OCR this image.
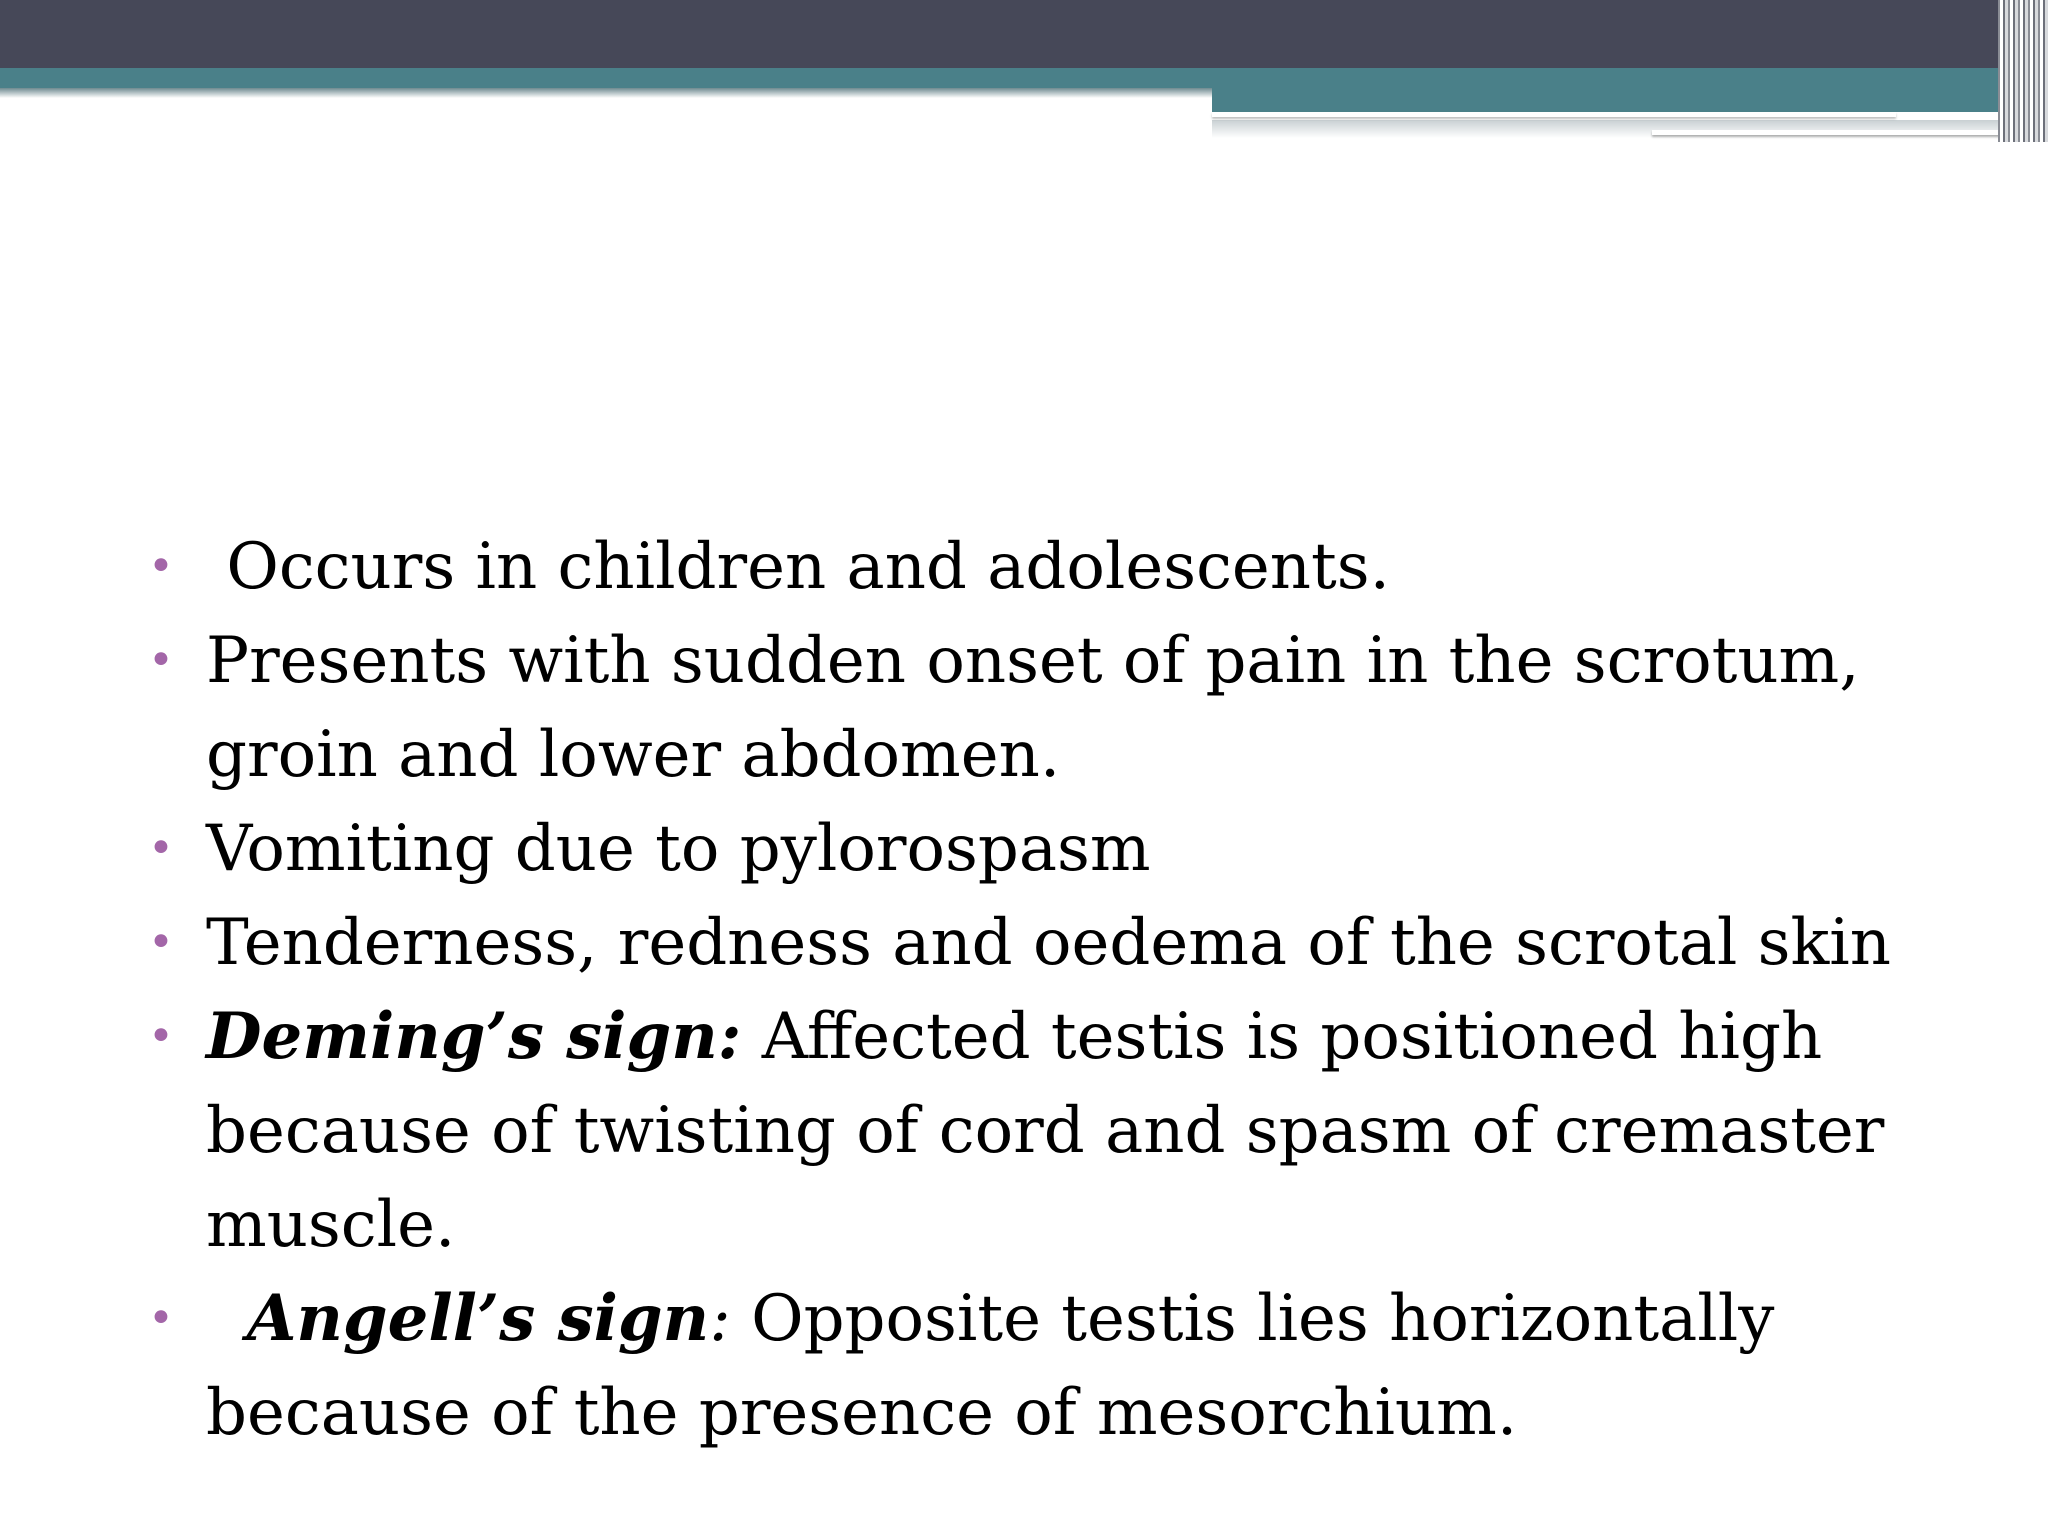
• Occurs in children and adolescents.
• Presents with sudden onset of pain in the scrotum, groin and lower abdomen.
• Vomiting due to pylorospasm
• Tenderness, redness and oedema of the scrotal skin
• Deming’s sign: Affected testis is positioned high because of twisting of cord and spasm of cremaster muscle.
• Angell’s sign: Opposite testis lies horizontally because of the presence of mesorchium.
